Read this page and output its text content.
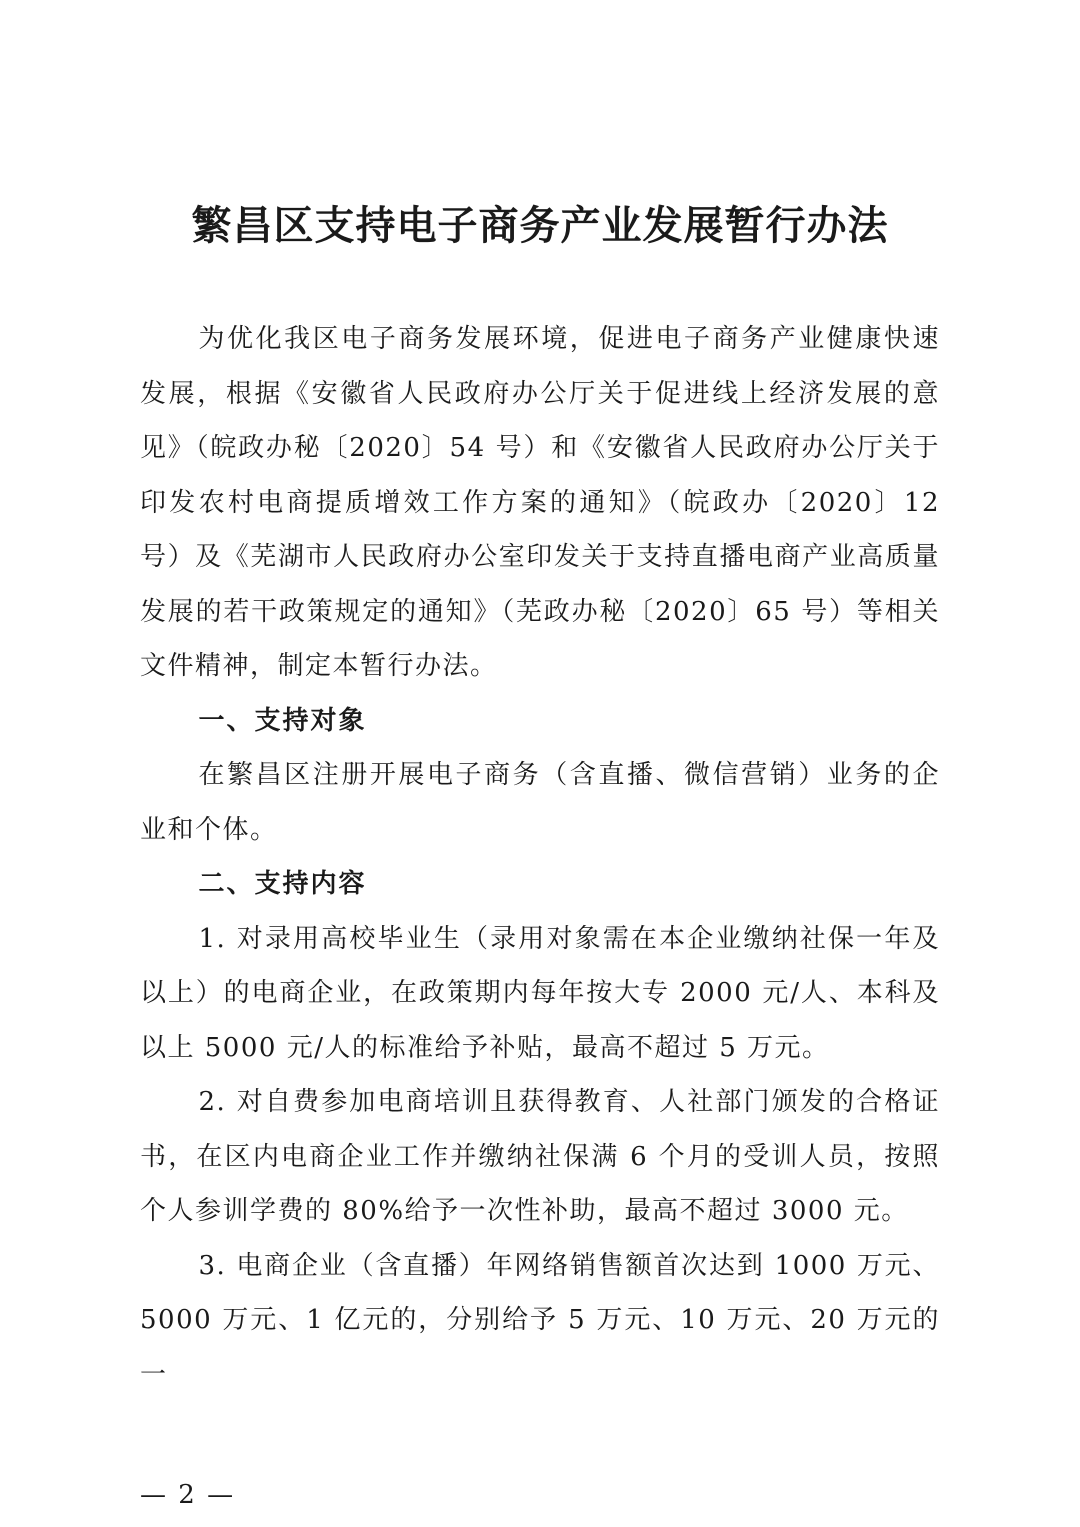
繁昌区支持电子商务产业发展暂行办法

为优化我区电子商务发展环境，促进电子商务产业健康快速发展，根据《安徽省人民政府办公厅关于促进线上经济发展的意见》（皖政办秘〔2020〕54 号）和《安徽省人民政府办公厅关于印发农村电商提质增效工作方案的通知》（皖政办〔2020〕12 号）及《芜湖市人民政府办公室印发关于支持直播电商产业高质量发展的若干政策规定的通知》（芜政办秘〔2020〕65 号）等相关文件精神，制定本暂行办法。

一、支持对象

在繁昌区注册开展电子商务（含直播、微信营销）业务的企业和个体。

二、支持内容

1. 对录用高校毕业生（录用对象需在本企业缴纳社保一年及以上）的电商企业，在政策期内每年按大专 2000 元/人、本科及以上 5000 元/人的标准给予补贴，最高不超过 5 万元。

2. 对自费参加电商培训且获得教育、人社部门颁发的合格证书，在区内电商企业工作并缴纳社保满 6 个月的受训人员，按照个人参训学费的 80%给予一次性补助，最高不超过 3000 元。

3. 电商企业（含直播）年网络销售额首次达到 1000 万元、5000 万元、1 亿元的，分别给予 5 万元、10 万元、20 万元的一

— 2 —
